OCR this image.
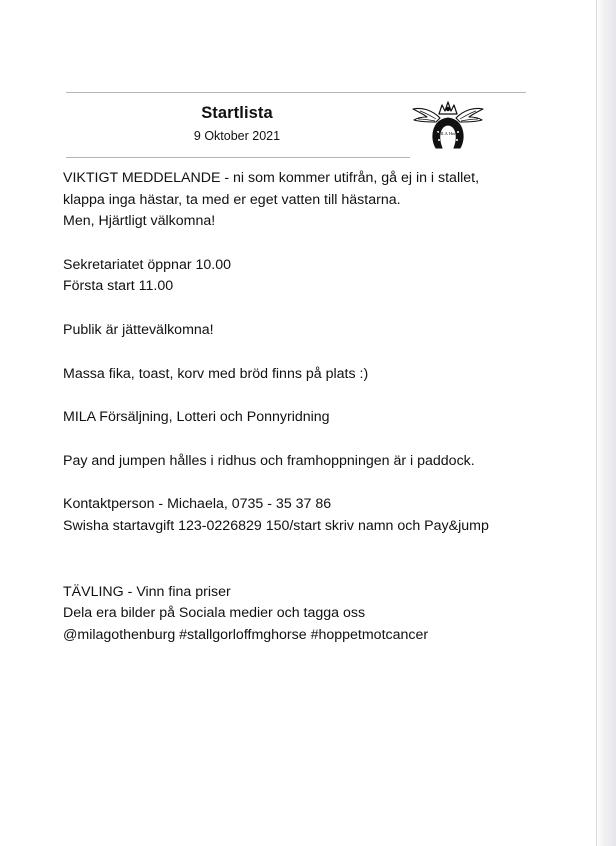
Startlista
9 Oktober 2021	MILA Horse
VIKTIGT MEDDELANDE - ni som kommer utifrån, gå ej in i stallet,
klappa inga hästar, ta med er eget vatten till hästarna.
Men, Hjärtligt välkomna!
Sekretariatet öppnar 10.00
Första start 11.00
Publik är jättevälkomna!
Massa fika, toast, korv med bröd finns på plats :)
MILA Försäljning, Lotteri och Ponnyridning
Pay and jumpen hålles i ridhus och framhoppningen är i paddock.
Kontaktperson - Michaela, 0735 - 35 37 86
Swisha startavgift 123-0226829 150/start skriv namn och Pay&jump
TÄVLING - Vinn fina priser
Dela era bilder på Sociala medier och tagga oss
@milagothenburg #stallgorloffmghorse #hoppetmotcancer
